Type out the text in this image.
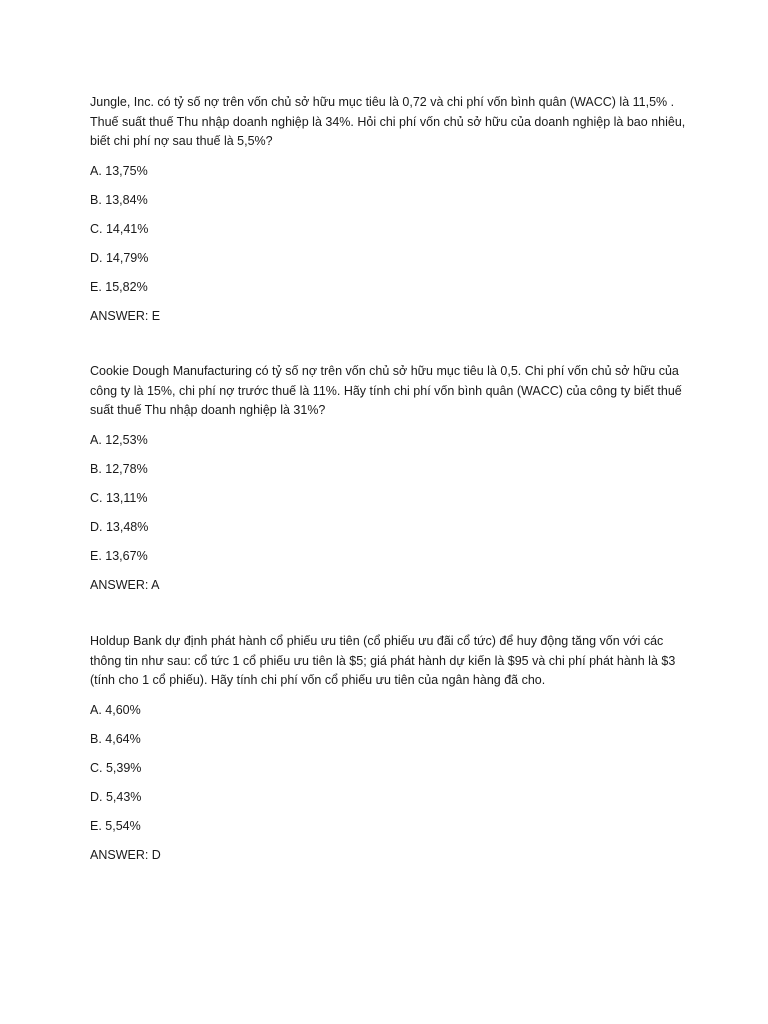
Jungle, Inc. có tỷ số nợ trên vốn chủ sở hữu mục tiêu là 0,72 và chi phí vốn bình quân (WACC) là 11,5% . Thuế suất thuế Thu nhập doanh nghiệp là 34%. Hỏi chi phí vốn chủ sở hữu của doanh nghiệp là bao nhiêu, biết chi phí nợ sau thuế là 5,5%?

A. 13,75%
B. 13,84%
C. 14,41%
D. 14,79%
E. 15,82%
ANSWER: E

Cookie Dough Manufacturing có tỷ số nợ trên vốn chủ sở hữu mục tiêu là 0,5. Chi phí vốn chủ sở hữu của công ty là 15%, chi phí nợ trước thuế là 11%. Hãy tính chi phí vốn bình quân (WACC) của công ty biết thuế suất thuế Thu nhập doanh nghiệp là 31%?

A. 12,53%
B. 12,78%
C. 13,11%
D. 13,48%
E. 13,67%
ANSWER: A

Holdup Bank dự định phát hành cổ phiếu ưu tiên (cổ phiếu ưu đãi cổ tức) để huy động tăng vốn với các thông tin như sau: cổ tức 1 cổ phiếu ưu tiên là $5; giá phát hành dự kiến là $95 và chi phí phát hành là $3 (tính cho 1 cổ phiếu). Hãy tính chi phí vốn cổ phiếu ưu tiên của ngân hàng đã cho.

A. 4,60%
B. 4,64%
C. 5,39%
D. 5,43%
E. 5,54%
ANSWER: D
